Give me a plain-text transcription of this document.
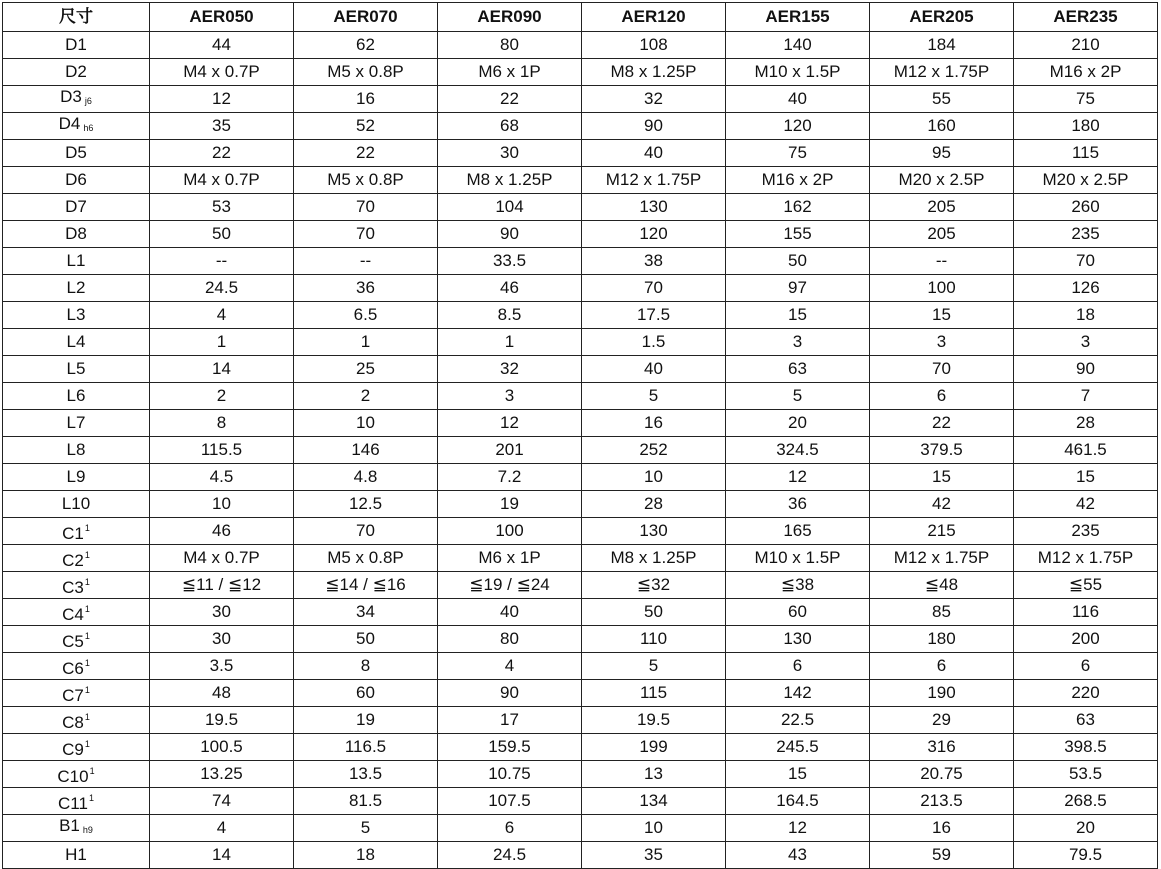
尺寸	AER050	AER070	AER090	AER120	AER155	AER205	AER235
D1	44	62	80	108	140	184	210
D2	M4 x 0.7P	M5 x 0.8P	M6 x 1P	M8 x 1.25P	M10 x 1.5P	M12 x 1.75P	M16 x 2P
D3 $_{j6}$	12	16	22	32	40	55	75
D4 $_{h6}$	35	52	68	90	120	160	180
D5	22	22	30	40	75	95	115
D6	M4 x 0.7P	M5 x 0.8P	M8 x 1.25P	M12 x 1.75P	M16 x 2P	M20 x 2.5P	M20 x 2.5P
D7	53	70	104	130	162	205	260
D8	50	70	90	120	155	205	235
L1	--	--	33.5	38	50	--	70
L2	24.5	36	46	70	97	100	126
L3	4	6.5	8.5	17.5	15	15	18
L4	1	1	1	1.5	3	3	3
L5	14	25	32	40	63	70	90
L6	2	2	3	5	5	6	7
L7	8	10	12	16	20	22	28
L8	115.5	146	201	252	324.5	379.5	461.5
L9	4.5	4.8	7.2	10	12	15	15
L10	10	12.5	19	28	36	42	42
$C1^1$	46	70	100	130	165	215	235
$C2^1$	M4 x 0.7P	M5 x 0.8P	M6 x 1P	M8 x 1.25P	M10 x 1.5P	M12 x 1.75P	M12 x 1.75P
$C3^1$	≦11 / ≦12	≦14 / ≦16	≦19 / ≦24	≦32	≦38	≦48	≦55
$C4^1$	30	34	40	50	60	85	116
$C5^1$	30	50	80	110	130	180	200
$C6^1$	3.5	8	4	5	6	6	6
$C7^1$	48	60	90	115	142	190	220
$C8^1$	19.5	19	17	19.5	22.5	29	63
$C9^1$	100.5	116.5	159.5	199	245.5	316	398.5
$C10^1$	13.25	13.5	10.75	13	15	20.75	53.5
$C11^1$	74	81.5	107.5	134	164.5	213.5	268.5
B1 $_{h9}$	4	5	6	10	12	16	20
H1	14	18	24.5	35	43	59	79.5
